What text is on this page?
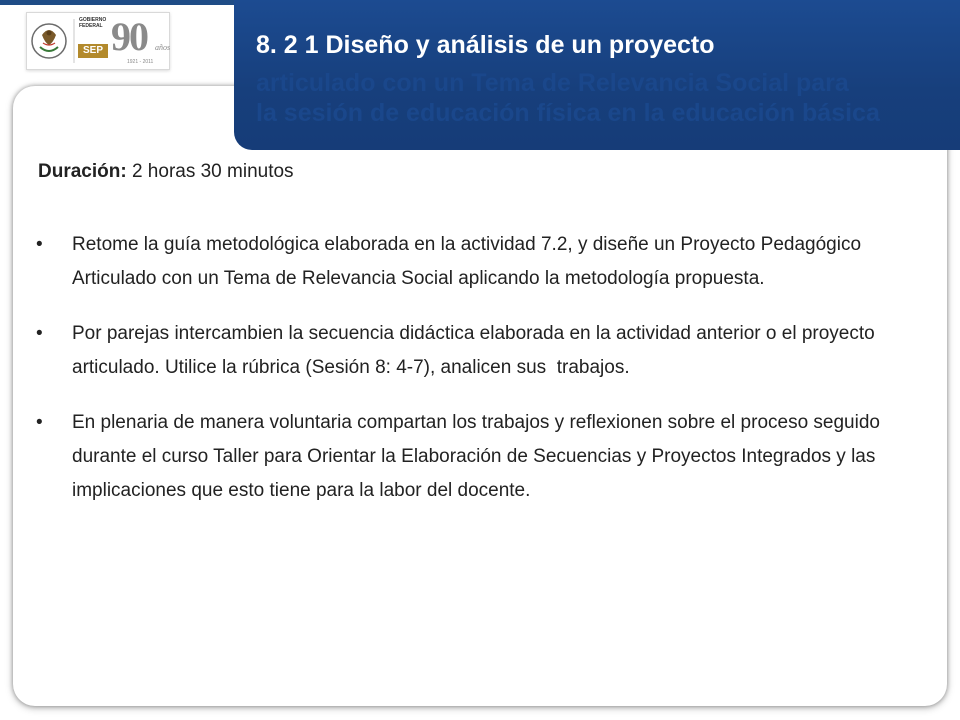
GOBIERNO FEDERAL
SEP 90 años
1921 - 2011
8. 2 1 Diseño y análisis de un proyecto
articulado con un Tema de Relevancia Social para
la sesión de educación física en la educación básica
Duración: 2 horas 30 minutos
• Retome la guía metodológica elaborada en la actividad 7.2, y diseñe un Proyecto Pedagógico Articulado con un Tema de Relevancia Social aplicando la metodología propuesta.
• Por parejas intercambien la secuencia didáctica elaborada en la actividad anterior o el proyecto articulado. Utilice la rúbrica (Sesión 8: 4-7), analicen sus  trabajos.
• En plenaria de manera voluntaria compartan los trabajos y reflexionen sobre el proceso seguido durante el curso Taller para Orientar la Elaboración de Secuencias y Proyectos Integrados y las implicaciones que esto tiene para la labor del docente.
